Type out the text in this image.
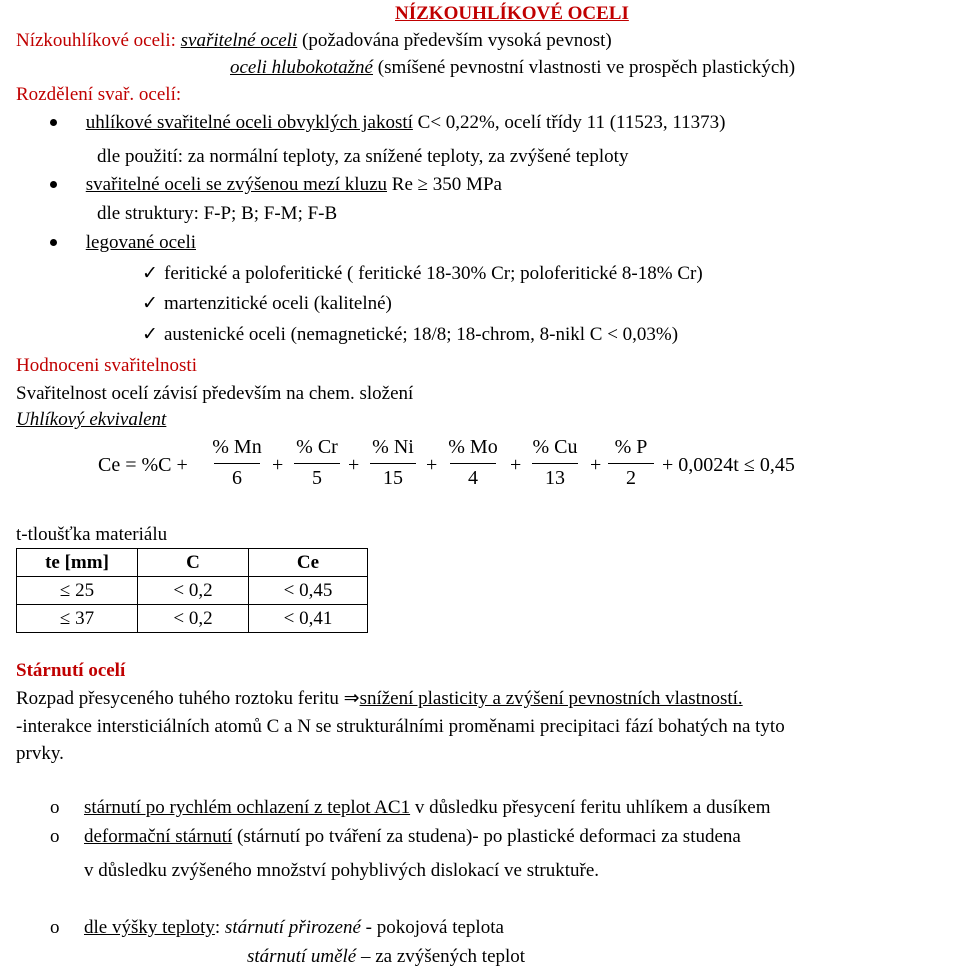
NÍZKOUHLÍKOVÉ OCELI
Nízkouhlíkové oceli: svařitelné oceli (požadována především vysoká pevnost)
oceli hlubokotažné (smíšené pevnostní vlastnosti ve prospěch plastických)
Rozdělení svař. ocelí:
uhlíkové svařitelné oceli obvyklých jakostí C< 0,22%, ocelí třídy 11 (11523, 11373)
dle použití: za normální teploty, za snížené teploty, za zvýšené teploty
svařitelné oceli se zvýšenou mezí kluzu Re ≥ 350 MPa
dle struktury: F-P; B; F-M; F-B
legované oceli
✓ feritické a poloferitické ( feritické 18-30% Cr; poloferitické 8-18% Cr)
✓ martenzitické oceli (kalitelné)
✓ austenické oceli (nemagnetické; 18/8; 18-chrom, 8-nikl C < 0,03%)
Hodnoceni svařitelnosti
Svařitelnost ocelí závisí především na chem. složení
Uhlíkový ekvivalent
Ce = %C +
% Mn
6
+
% Cr
5
+
% Ni
15
+
% Mo
4
+
% Cu
13
+
% P
2
+ 0,0024t ≤ 0,45
t-tloušťka materiálu
te [mm]	C	Ce
≤ 25	< 0,2	< 0,45
≤ 37	< 0,2	< 0,41
Stárnutí ocelí
Rozpad přesyceného tuhého roztoku feritu ⇒snížení plasticity a zvýšení pevnostních vlastností.
-interakce intersticiálních atomů C a N se strukturálními proměnami precipitaci fází bohatých na tyto
prvky.
o stárnutí po rychlém ochlazení z teplot AC1 v důsledku přesycení feritu uhlíkem a dusíkem
o deformační stárnutí (stárnutí po tváření za studena)- po plastické deformaci za studena
v důsledku zvýšeného množství pohyblivých dislokací ve struktuře.
o dle výšky teploty: stárnutí přirozené - pokojová teplota
stárnutí umělé – za zvýšených teplot
